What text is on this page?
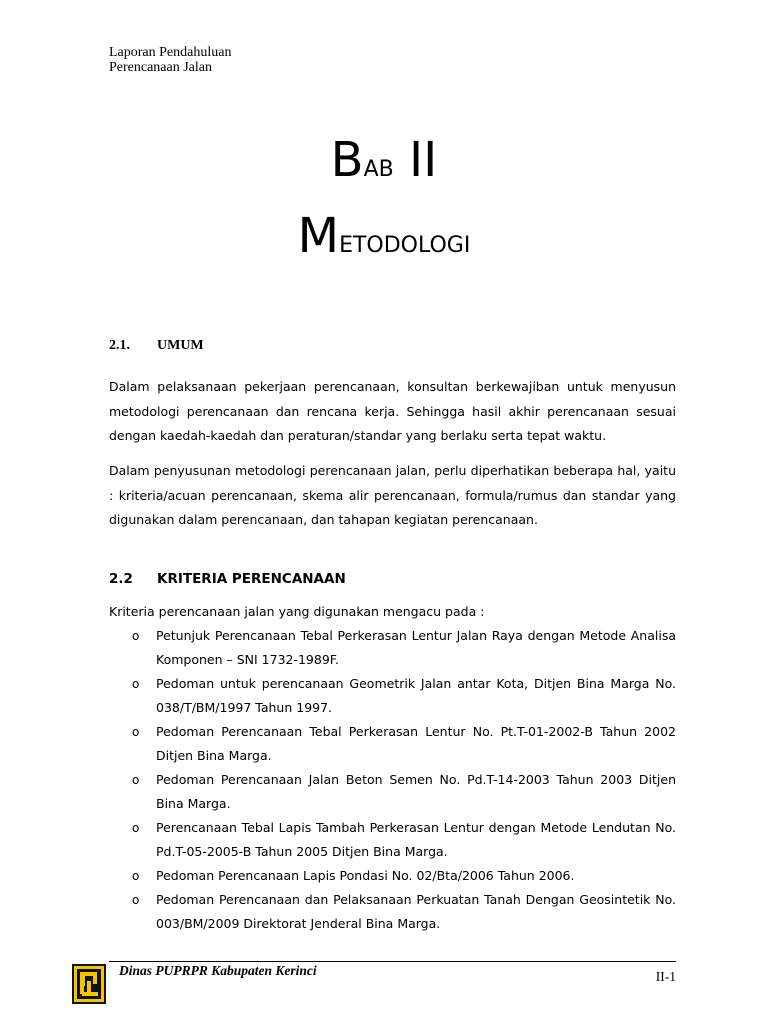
Laporan Pendahuluan
Perencanaan Jalan
BAB II
METODOLOGI
2.1. UMUM

Dalam pelaksanaan pekerjaan perencanaan, konsultan berkewajiban untuk menyusun metodologi perencanaan dan rencana kerja. Sehingga hasil akhir perencanaan sesuai dengan kaedah-kaedah dan peraturan/standar yang berlaku serta tepat waktu.

Dalam penyusunan metodologi perencanaan jalan, perlu diperhatikan beberapa hal, yaitu : kriteria/acuan perencanaan, skema alir perencanaan, formula/rumus dan standar yang digunakan dalam perencanaan, dan tahapan kegiatan perencanaan.

2.2 KRITERIA PERENCANAAN

Kriteria perencanaan jalan yang digunakan mengacu pada :

o Petunjuk Perencanaan Tebal Perkerasan Lentur Jalan Raya dengan Metode Analisa Komponen – SNI 1732-1989F.
o Pedoman untuk perencanaan Geometrik Jalan antar Kota, Ditjen Bina Marga No. 038/T/BM/1997 Tahun 1997.
o Pedoman Perencanaan Tebal Perkerasan Lentur No. Pt.T-01-2002-B Tahun 2002 Ditjen Bina Marga.
o Pedoman Perencanaan Jalan Beton Semen No. Pd.T-14-2003 Tahun 2003 Ditjen Bina Marga.
o Perencanaan Tebal Lapis Tambah Perkerasan Lentur dengan Metode Lendutan No. Pd.T-05-2005-B Tahun 2005 Ditjen Bina Marga.
o Pedoman Perencanaan Lapis Pondasi No. 02/Bta/2006 Tahun 2006.
o Pedoman Perencanaan dan Pelaksanaan Perkuatan Tanah Dengan Geosintetik No. 003/BM/2009 Direktorat Jenderal Bina Marga.
Dinas PUPRPR Kabupaten Kerinci	II-1
